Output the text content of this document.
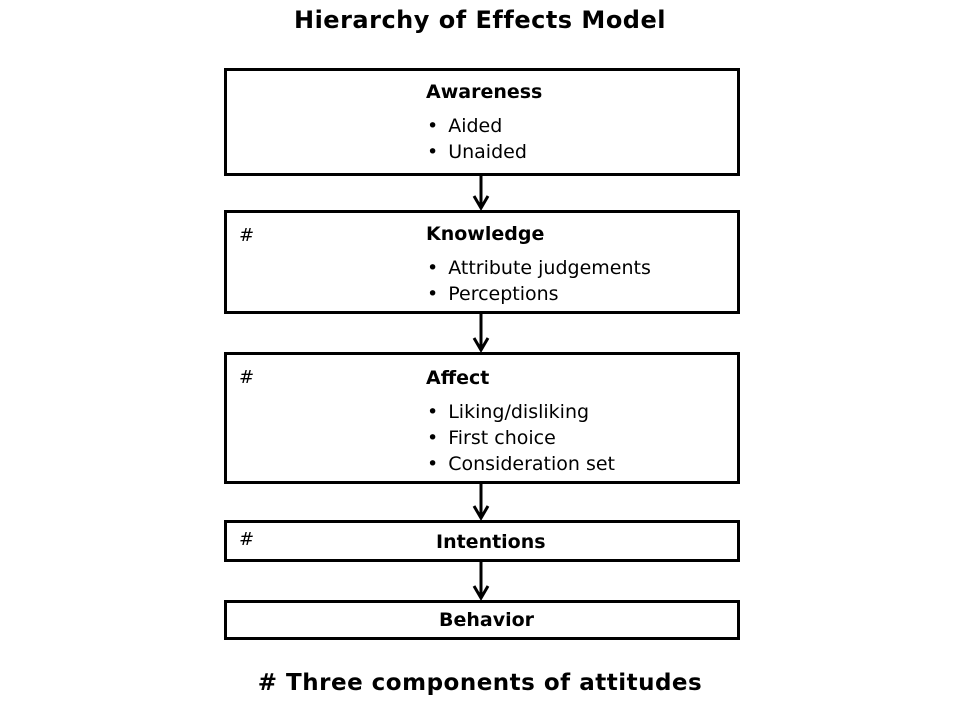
Hierarchy of Effects Model
Awareness
• Aided
• Unaided
#	Knowledge
• Attribute judgements
• Perceptions
#	Affect
• Liking/disliking
• First choice
• Consideration set
#	Intentions
Behavior
# Three components of attitudes
